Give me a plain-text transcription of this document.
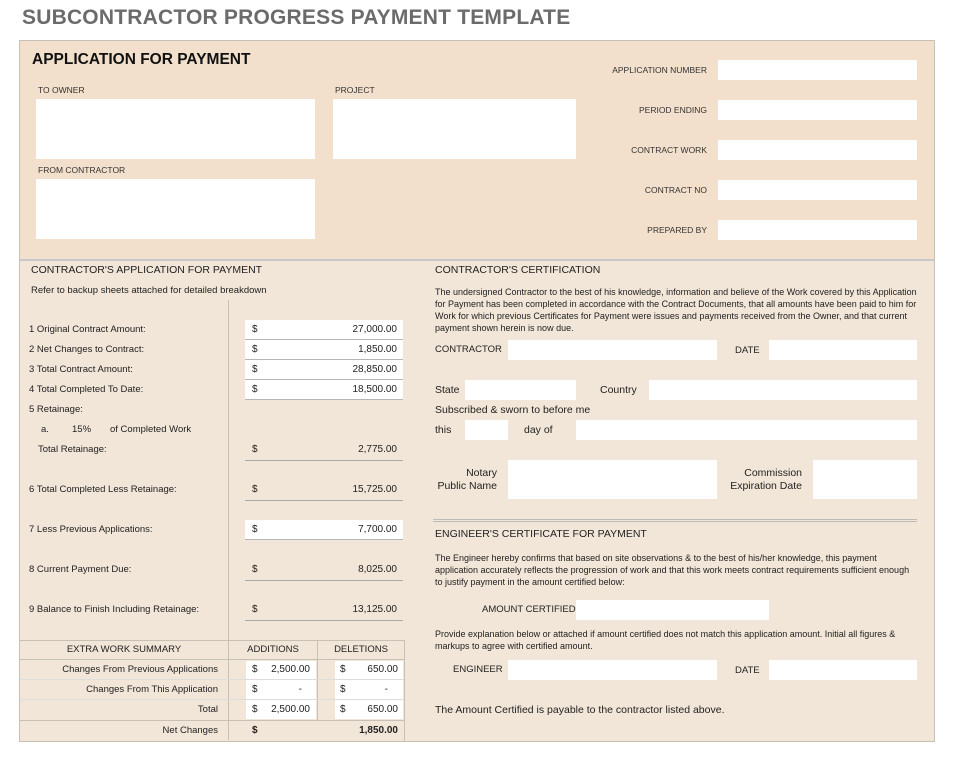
SUBCONTRACTOR PROGRESS PAYMENT TEMPLATE
APPLICATION FOR PAYMENT
TO OWNER	PROJECT
FROM CONTRACTOR
APPLICATION NUMBER
PERIOD ENDING
CONTRACT WORK
CONTRACT NO
PREPARED BY
CONTRACTOR'S APPLICATION FOR PAYMENT
Refer to backup sheets attached for detailed breakdown
1 Original Contract Amount:	$	27,000.00
2 Net Changes to Contract:	$	1,850.00
3 Total Contract Amount:	$	28,850.00
4 Total Completed To Date:	$	18,500.00
5 Retainage:
a. 15% of Completed Work
Total Retainage:	$	2,775.00
6 Total Completed Less Retainage:	$	15,725.00
7 Less Previous Applications:	$	7,700.00
8 Current Payment Due:	$	8,025.00
9 Balance to Finish Including Retainage:	$	13,125.00
EXTRA WORK SUMMARY	ADDITIONS	DELETIONS
Changes From Previous Applications	$	2,500.00	$	650.00
Changes From This Application	$	-	$	-
Total	$	2,500.00	$	650.00
Net Changes	$	1,850.00
CONTRACTOR'S CERTIFICATION
The undersigned Contractor to the best of his knowledge, information and believe of the Work covered by this Application for Payment has been completed in accordance with the Contract Documents, that all amounts have been paid to him for Work for which previous Certificates for Payment were issues and payments received from the Owner, and that current payment shown herein is now due.
CONTRACTOR	DATE
State	Country
Subscribed & sworn to before me
this	day of
Notary
Public Name
Commission
Expiration Date
ENGINEER'S CERTIFICATE FOR PAYMENT
The Engineer hereby confirms that based on site observations & to the best of his/her knowledge, this payment application accurately reflects the progression of work and that this work meets contract requirements sufficient enough to justify payment in the amount certified below:
AMOUNT CERTIFIED
Provide explanation below or attached if amount certified does not match this application amount. Initial all figures & markups to agree with certified amount.
ENGINEER	DATE
The Amount Certified is payable to the contractor listed above.
